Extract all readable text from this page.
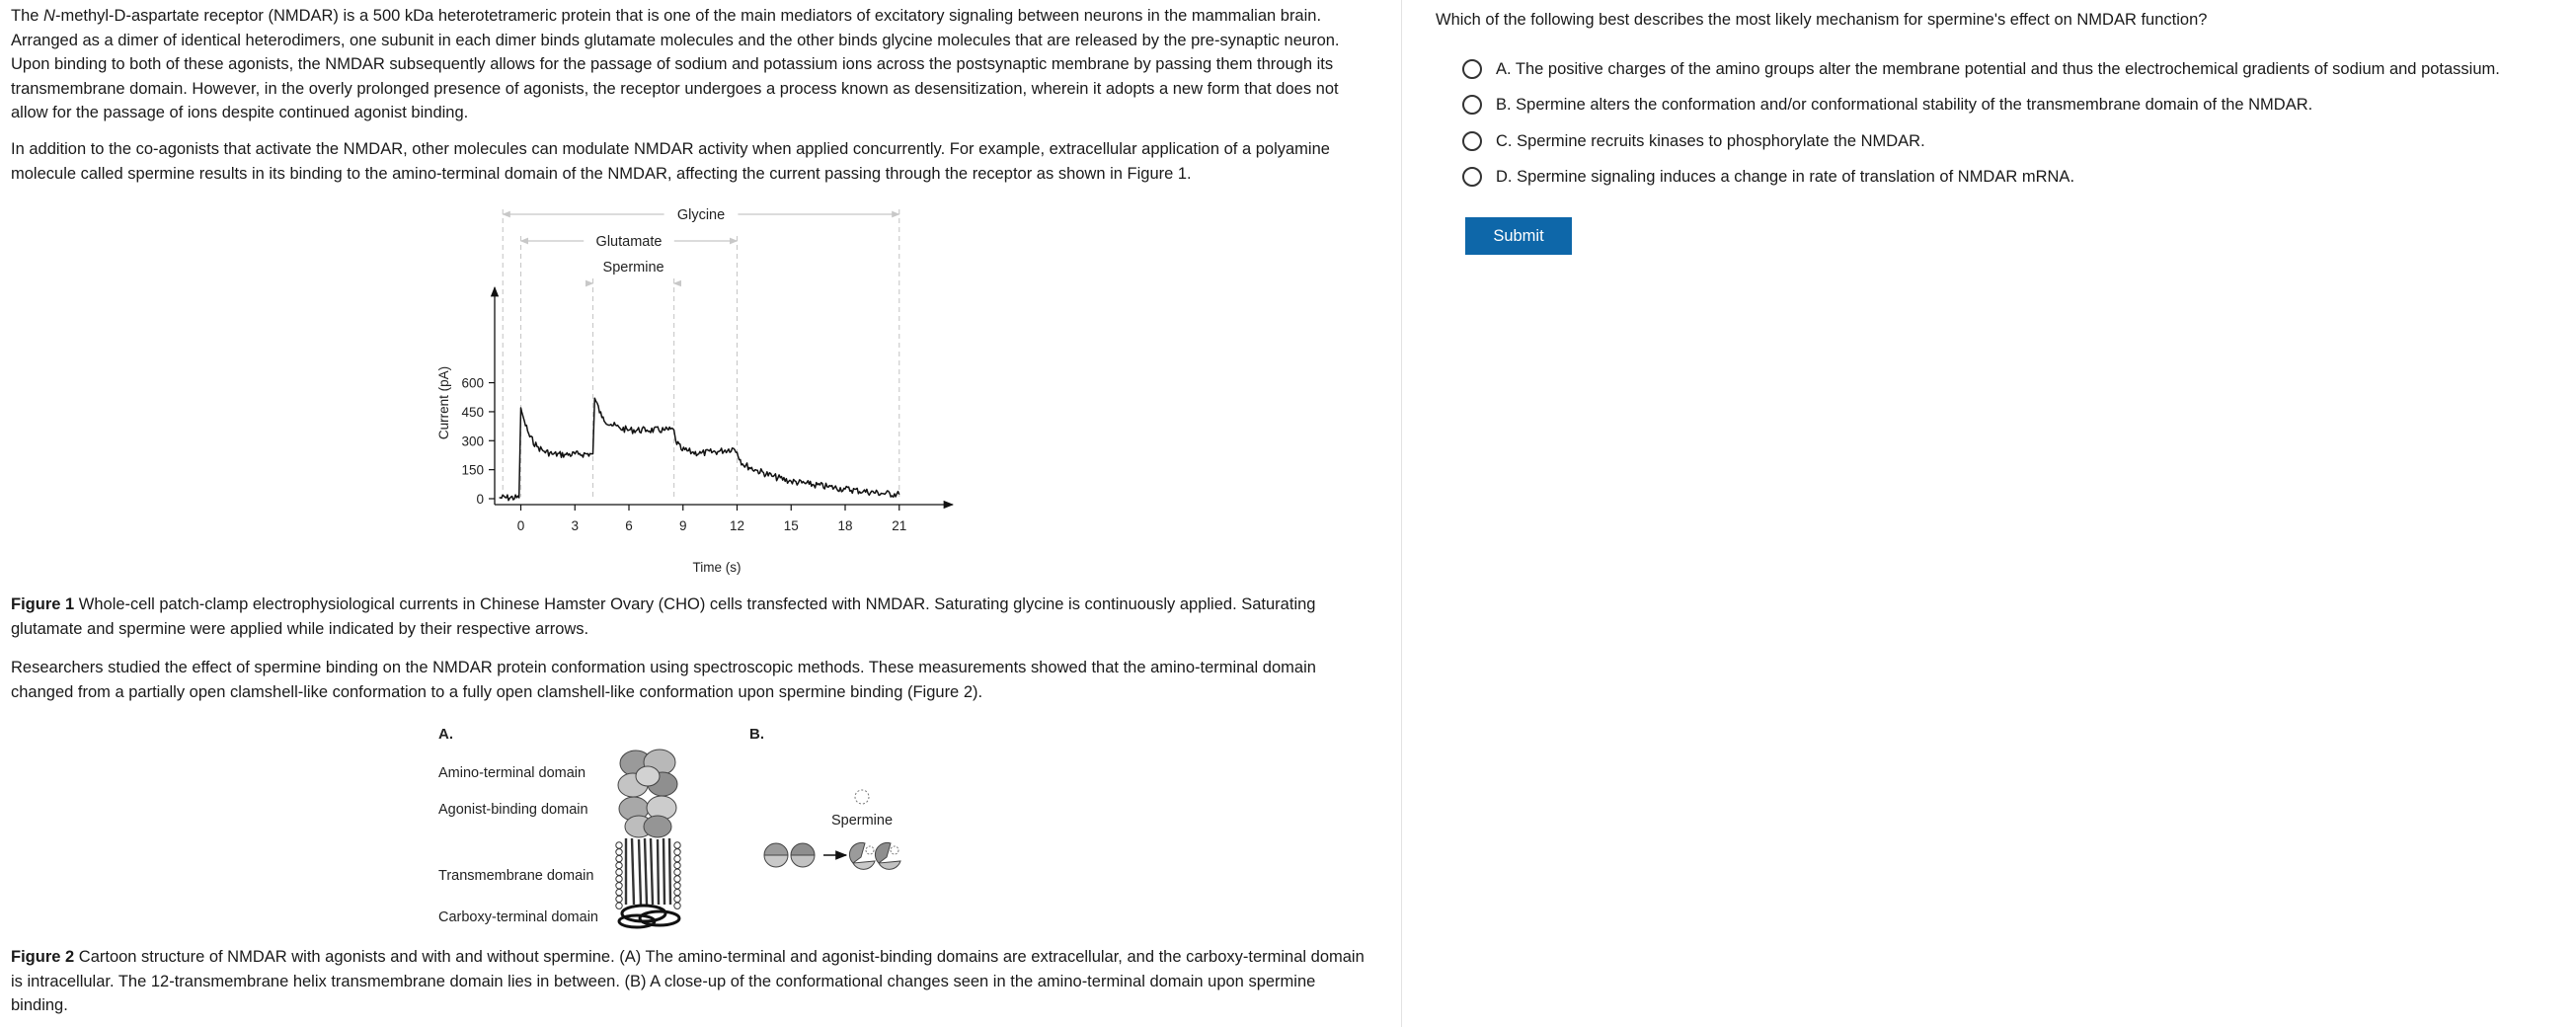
The N-methyl-D-aspartate receptor (NMDAR) is a 500 kDa heterotetrameric protein that is one of the main mediators of excitatory signaling between neurons in the mammalian brain. Arranged as a dimer of identical heterodimers, one subunit in each dimer binds glutamate molecules and the other binds glycine molecules that are released by the pre-synaptic neuron. Upon binding to both of these agonists, the NMDAR subsequently allows for the passage of sodium and potassium ions across the postsynaptic membrane by passing them through its transmembrane domain. However, in the overly prolonged presence of agonists, the receptor undergoes a process known as desensitization, wherein it adopts a new form that does not allow for the passage of ions despite continued agonist binding.

In addition to the co-agonists that activate the NMDAR, other molecules can modulate NMDAR activity when applied concurrently. For example, extracellular application of a polyamine molecule called spermine results in its binding to the amino-terminal domain of the NMDAR, affecting the current passing through the receptor as shown in Figure 1.

Glycine
Glutamate
Spermine
0	3	6	9	12	15	18	21
0
150
300
450
600
Time (s)
Current (pA)

Figure 1 Whole-cell patch-clamp electrophysiological currents in Chinese Hamster Ovary (CHO) cells transfected with NMDAR. Saturating glycine is continuously applied. Saturating glutamate and spermine were applied while indicated by their respective arrows.

Researchers studied the effect of spermine binding on the NMDAR protein conformation using spectroscopic methods. These measurements showed that the amino-terminal domain changed from a partially open clamshell-like conformation to a fully open clamshell-like conformation upon spermine binding (Figure 2).

A.	B.
Amino-terminal domain
Agonist-binding domain
Transmembrane domain
Carboxy-terminal domain
Spermine

Figure 2 Cartoon structure of NMDAR with agonists and with and without spermine. (A) The amino-terminal and agonist-binding domains are extracellular, and the carboxy-terminal domain is intracellular. The 12-transmembrane helix transmembrane domain lies in between. (B) A close-up of the conformational changes seen in the amino-terminal domain upon spermine binding.

Which of the following best describes the most likely mechanism for spermine's effect on NMDAR function?

A. The positive charges of the amino groups alter the membrane potential and thus the electrochemical gradients of sodium and potassium.
B. Spermine alters the conformation and/or conformational stability of the transmembrane domain of the NMDAR.
C. Spermine recruits kinases to phosphorylate the NMDAR.
D. Spermine signaling induces a change in rate of translation of NMDAR mRNA.
Submit
